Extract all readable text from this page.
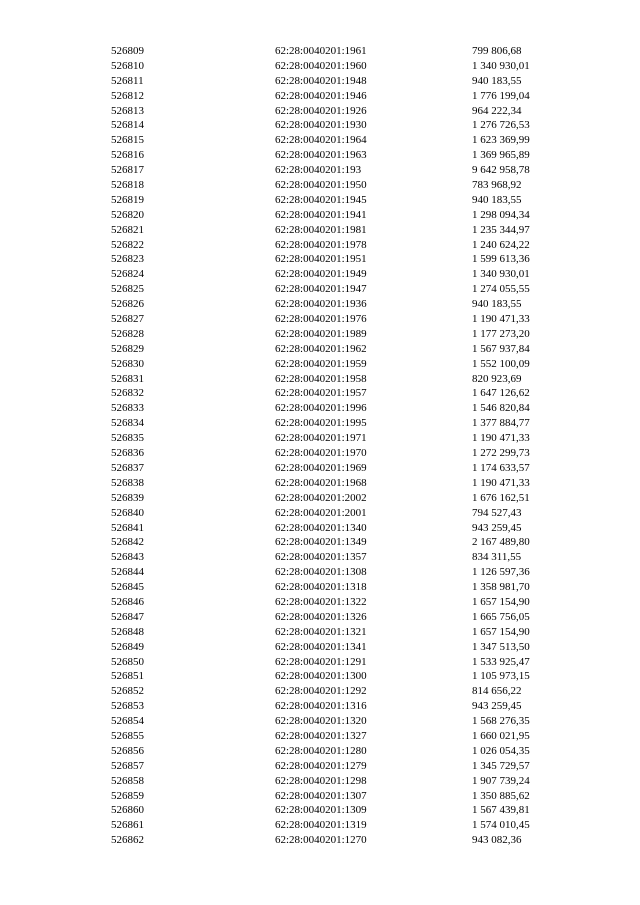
526809	62:28:0040201:1961	799 806,68
526810	62:28:0040201:1960	1 340 930,01
526811	62:28:0040201:1948	940 183,55
526812	62:28:0040201:1946	1 776 199,04
526813	62:28:0040201:1926	964 222,34
526814	62:28:0040201:1930	1 276 726,53
526815	62:28:0040201:1964	1 623 369,99
526816	62:28:0040201:1963	1 369 965,89
526817	62:28:0040201:193	9 642 958,78
526818	62:28:0040201:1950	783 968,92
526819	62:28:0040201:1945	940 183,55
526820	62:28:0040201:1941	1 298 094,34
526821	62:28:0040201:1981	1 235 344,97
526822	62:28:0040201:1978	1 240 624,22
526823	62:28:0040201:1951	1 599 613,36
526824	62:28:0040201:1949	1 340 930,01
526825	62:28:0040201:1947	1 274 055,55
526826	62:28:0040201:1936	940 183,55
526827	62:28:0040201:1976	1 190 471,33
526828	62:28:0040201:1989	1 177 273,20
526829	62:28:0040201:1962	1 567 937,84
526830	62:28:0040201:1959	1 552 100,09
526831	62:28:0040201:1958	820 923,69
526832	62:28:0040201:1957	1 647 126,62
526833	62:28:0040201:1996	1 546 820,84
526834	62:28:0040201:1995	1 377 884,77
526835	62:28:0040201:1971	1 190 471,33
526836	62:28:0040201:1970	1 272 299,73
526837	62:28:0040201:1969	1 174 633,57
526838	62:28:0040201:1968	1 190 471,33
526839	62:28:0040201:2002	1 676 162,51
526840	62:28:0040201:2001	794 527,43
526841	62:28:0040201:1340	943 259,45
526842	62:28:0040201:1349	2 167 489,80
526843	62:28:0040201:1357	834 311,55
526844	62:28:0040201:1308	1 126 597,36
526845	62:28:0040201:1318	1 358 981,70
526846	62:28:0040201:1322	1 657 154,90
526847	62:28:0040201:1326	1 665 756,05
526848	62:28:0040201:1321	1 657 154,90
526849	62:28:0040201:1341	1 347 513,50
526850	62:28:0040201:1291	1 533 925,47
526851	62:28:0040201:1300	1 105 973,15
526852	62:28:0040201:1292	814 656,22
526853	62:28:0040201:1316	943 259,45
526854	62:28:0040201:1320	1 568 276,35
526855	62:28:0040201:1327	1 660 021,95
526856	62:28:0040201:1280	1 026 054,35
526857	62:28:0040201:1279	1 345 729,57
526858	62:28:0040201:1298	1 907 739,24
526859	62:28:0040201:1307	1 350 885,62
526860	62:28:0040201:1309	1 567 439,81
526861	62:28:0040201:1319	1 574 010,45
526862	62:28:0040201:1270	943 082,36
